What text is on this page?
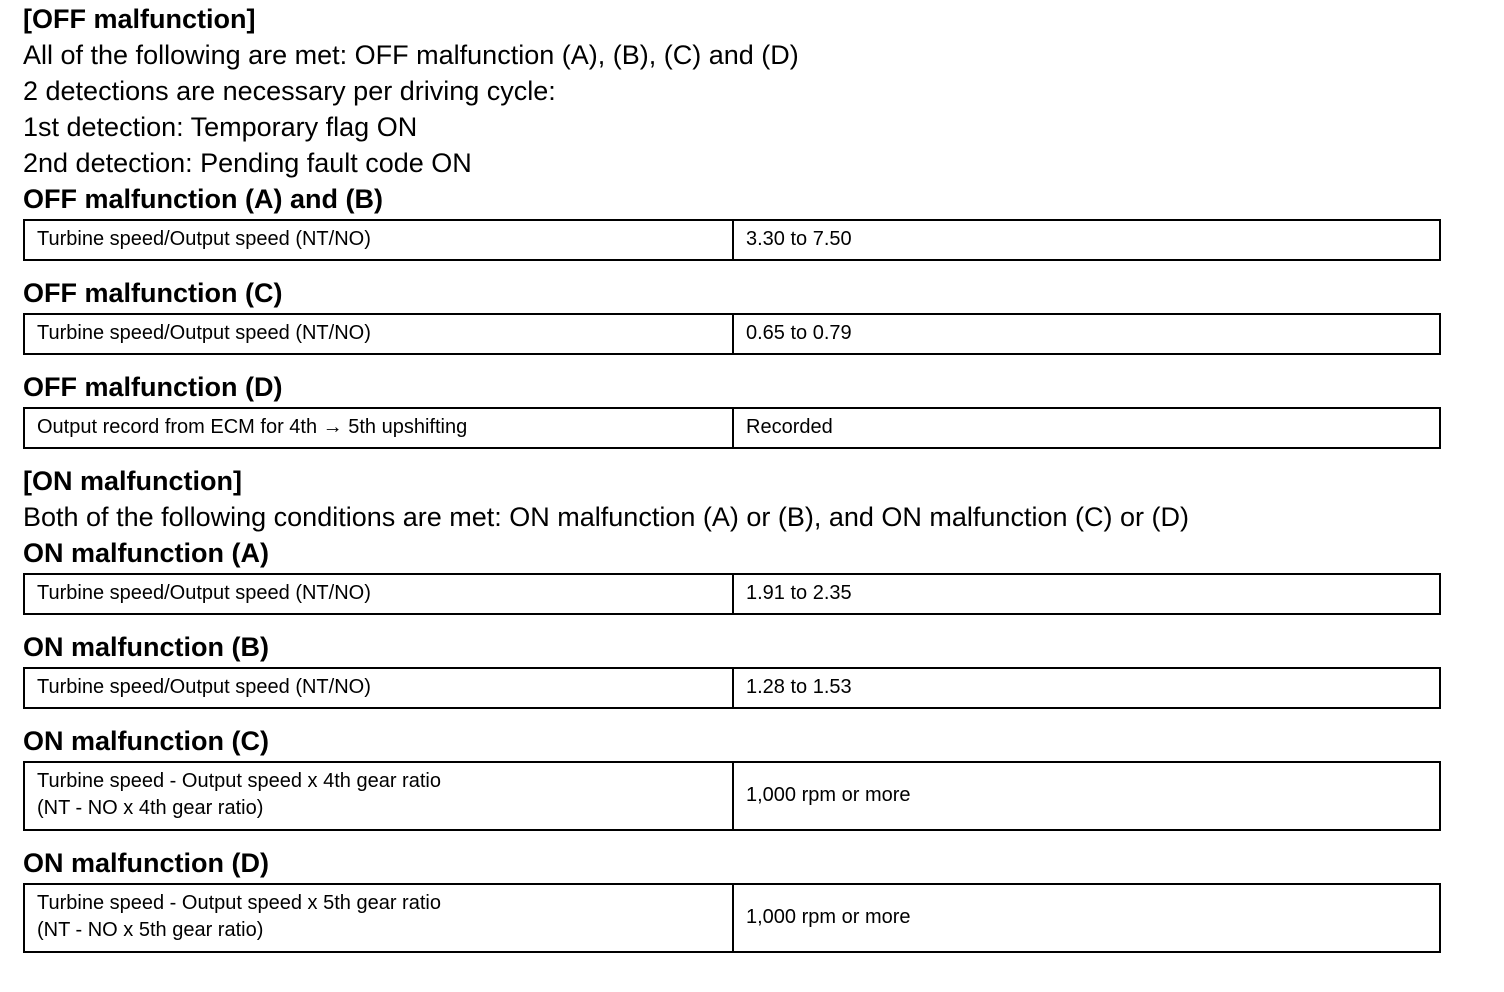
[OFF malfunction]

All of the following are met: OFF malfunction (A), (B), (C) and (D)

2 detections are necessary per driving cycle:

1st detection: Temporary flag ON

2nd detection: Pending fault code ON

OFF malfunction (A) and (B)

Turbine speed/Output speed (NT/NO)	3.30 to 7.50

OFF malfunction (C)

Turbine speed/Output speed (NT/NO)	0.65 to 0.79

OFF malfunction (D)

Output record from ECM for 4th → 5th upshifting	Recorded

[ON malfunction]

Both of the following conditions are met: ON malfunction (A) or (B), and ON malfunction (C) or (D)

ON malfunction (A)

Turbine speed/Output speed (NT/NO)	1.91 to 2.35

ON malfunction (B)

Turbine speed/Output speed (NT/NO)	1.28 to 1.53

ON malfunction (C)

Turbine speed - Output speed x 4th gear ratio
(NT - NO x 4th gear ratio)
	1,000 rpm or more

ON malfunction (D)

Turbine speed - Output speed x 5th gear ratio
(NT - NO x 5th gear ratio)
	1,000 rpm or more
